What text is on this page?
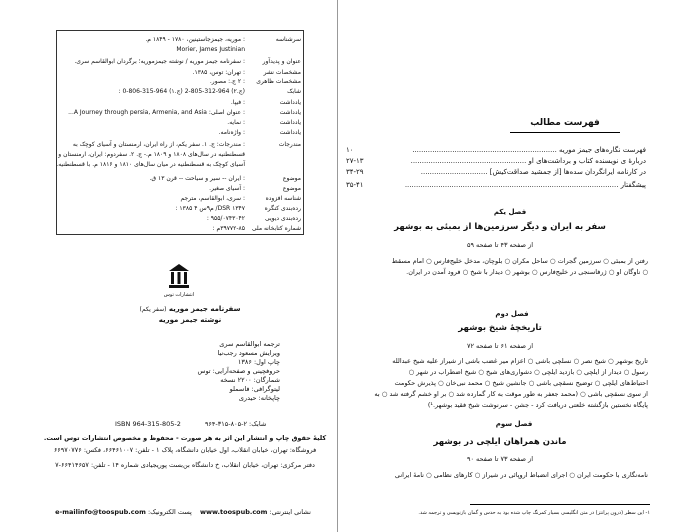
سرشناسه
: موریه، جیمزجاستینین، ۱۷۸۰ - ۱۸۴۹ م.
Morier, James Justinian
عنوان و پدیدآور
: سفرنامه جیمز موریه / نوشته جیمزموریه؛ برگردان ابوالقاسم سری.
مشخصات نشر
: تهران: توس، ۱۳۸۵.
مشخصات ظاهری
: ۲ ج.: مصور.
شابک
(ج.۲) 964-312-805-2 (ج.۱) 964-315-806-0 :
یادداشت
: فیپا.
یادداشت
: عنوان اصلی: A Journey through persia, Armenia, and Asia...
یادداشت
: نمایه.
یادداشت
: واژه‌نامه.
مندرجات
: مندرجات: ج. ۱. سفر یکم، از راه ایران، ارمنستان و آسیای کوچک به
قسطنطنیه در سال‌های ۱۸۰۸ و ۱۸۰۹ م.- ج. ۲. سفردوم: ایران، ارمنستان و
آسیای کوچک به قسطنطنیه در میان سال‌های ۱۸۱۰ و ۱۸۱۶ م. با قسطنطنیه.
موضوع
: ایران -- سیر و سیاحت -- قرن ۱۳ ق.
موضوع
: آسیای صغیر.
شناسه افزوده
: سری، ابوالقاسم، مترجم
رده‌بندی کنگره
DSR ۱۳۴۷/ م۹س ۴ ۱۳۸۵ :
رده‌بندی دیویی
۹۵۵/۰۷۴۳۰۴۲ :
شماره کتابخانه ملی
۳۹۷۷۲-۸۵م :
انتشارات توس
سفرنامه جیمز موریه (سفر یکم)
نوشته جیمز موریه
ترجمه ابوالقاسم سری
ویرایش مسعود رجب‌نیا
چاپ اول: ۱۳۸۶
حروفچینی و صفحه‌آرایی: توس
شمارگان: ۲۲۰۰ نسخه
لیتوگرافی: فاسملو
چاپخانه: حیدری
ISBN 964-315-805-2	شابک: ۲-۸۰۵-۳۱۵-۹۶۴
کلیهٔ حقوق چاپ و انتشار این اثر به هر صورت - محفوظ و مخصوص انتشارات توس است.
فروشگاه: تهران، خیابان انقلاب، اول خیابان دانشگاه، پلاک ۱ - تلفن: ۶۶۴۶۱۰۰۷، فکس: ۶۶۹۷۰۷۷۶
دفتر مرکزی: تهران، خیابان انقلاب، خ دانشگاه بن‌بست پوریجیادی شماره ۱۴ - تلفن: ۶۶۴۱۴۶۵۷-۷
نشانی اینترنتی: www.toospub.com پست الکترونیک: e-mailinfo@toospub.com
فهرست مطالب
۱۰	فهرست نگاره‌های جیمز موریه .................................................................
۲۷-۱۳	دربارهٔ ی نویسنده کتاب و برداشت‌های او ....................................................
۳۴-۲۹	در کارنامه ایرانگردان سده‌ها [از جمشید صداقت‌کیش] ..............................
۳۵-۴۱	پیشگفتار ................................................................................................
فصل یکم
سفر به ایران و دیگر سرزمین‌ها از بمبئی به بوشهر
از صفحه ۴۳ تا صفحه ۵۹
رفتن از بمبئی ○ سرزمین گجرات ○ ساحل مکران ○ بلوچان، مدخل خلیج‌فارس ○ امام مسقط
○ ناوگان او ○ ژرفاسنجی در خلیج‌فارس ○ بوشهر ○ دیدار با شیخ ○ فرود آمدن در ایران.
فصل دوم
تاریخچهٔ شیخ بوشهر
از صفحه ۶۱ تا صفحه ۷۲
تاریخ بوشهر ○ شیخ نصر ○ نسلچی باشی ○ اعزام میر غضب باشی از شیراز علیه شیخ عبدالله
رسول ○ دیدار از ایلچی ○ بازدید ایلچی ○ دشواری‌های شیخ ○ شیخ اضطراب در شهر ○
احتیاط‌های ایلچی ○ توضیح نسقچی باشی ○ جانشین شیخ ○ محمد نبی‌خان ○ پذیرش حکومت
از سوی نسقچی باشی ○ (محمد جعفر به طور موقت به کار گمارده شد ○ بر او خشم گرفته شد ○ به
پایگاه نخستین بازگشته خلعتی دریافت کرد - جشن - سرنوشت شیخ فقید بوشهر.¹)
فصل سوم
ماندن همراهان ایلچی در بوشهر
از صفحه ۷۳ تا صفحه ۹۰
نامه‌نگاری با حکومت ایران ○ اجرای انضباط اروپائی در شیراز ○ کارهای نظامی ○ نامهٔ ایرانی
۱- این سطر (درون پرانتز) در متن انگلیسی بسیار کمرنگ چاپ شده بود به حدس و گمان بازنویسی و ترجمه شد.
